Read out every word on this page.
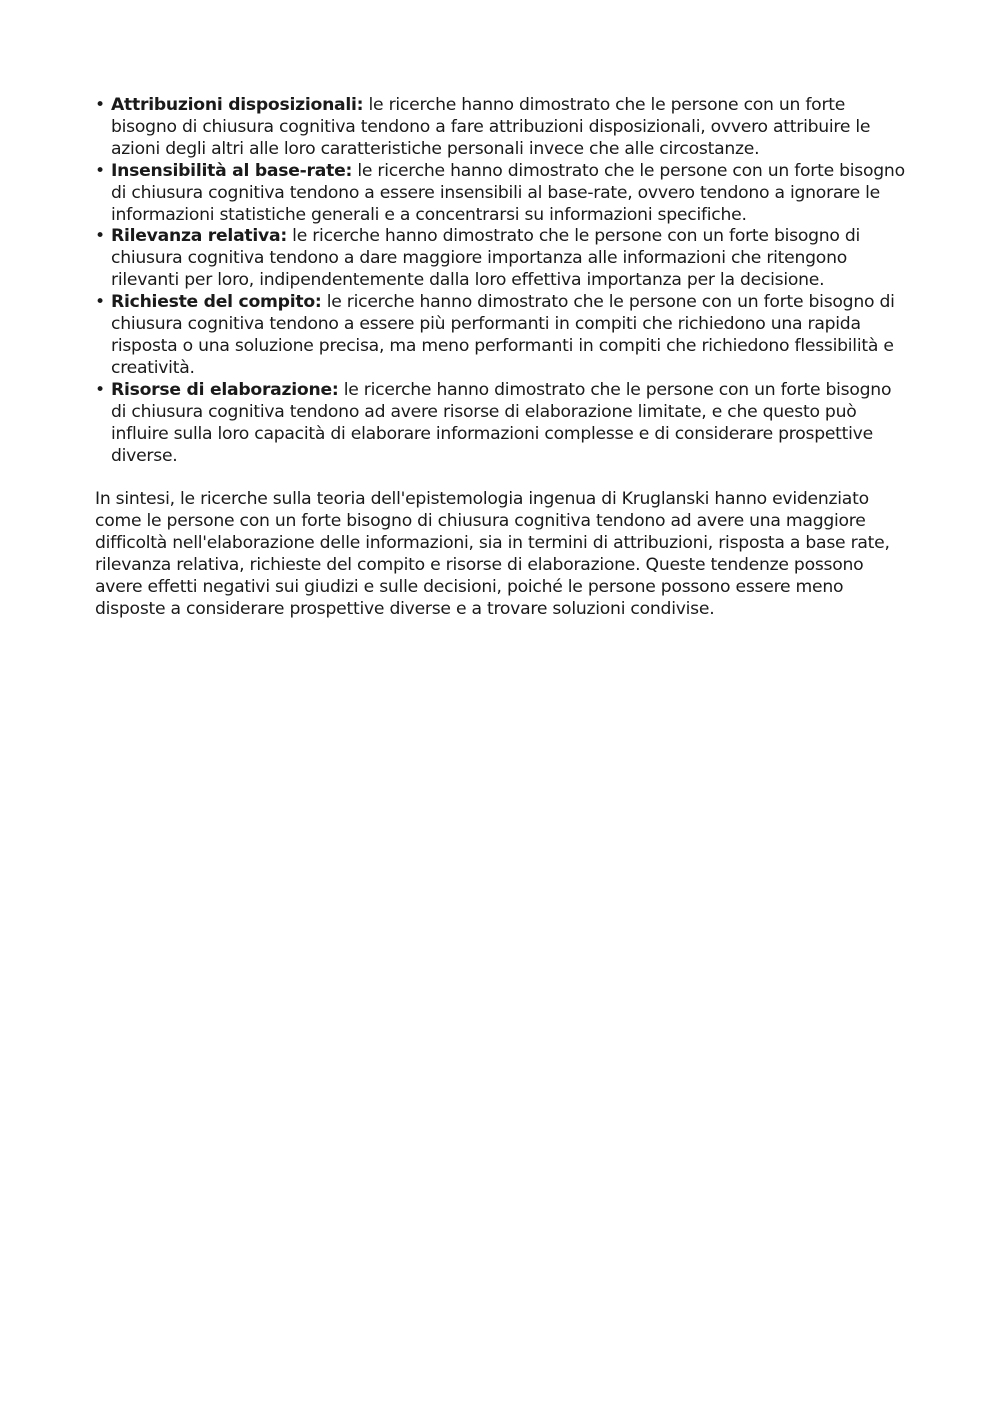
• Attribuzioni disposizionali: le ricerche hanno dimostrato che le persone con un forte bisogno di chiusura cognitiva tendono a fare attribuzioni disposizionali, ovvero attribuire le azioni degli altri alle loro caratteristiche personali invece che alle circostanze.
• Insensibilità al base-rate: le ricerche hanno dimostrato che le persone con un forte bisogno di chiusura cognitiva tendono a essere insensibili al base-rate, ovvero tendono a ignorare le informazioni statistiche generali e a concentrarsi su informazioni specifiche.
• Rilevanza relativa: le ricerche hanno dimostrato che le persone con un forte bisogno di chiusura cognitiva tendono a dare maggiore importanza alle informazioni che ritengono rilevanti per loro, indipendentemente dalla loro effettiva importanza per la decisione.
• Richieste del compito: le ricerche hanno dimostrato che le persone con un forte bisogno di chiusura cognitiva tendono a essere più performanti in compiti che richiedono una rapida risposta o una soluzione precisa, ma meno performanti in compiti che richiedono flessibilità e creatività.
• Risorse di elaborazione: le ricerche hanno dimostrato che le persone con un forte bisogno di chiusura cognitiva tendono ad avere risorse di elaborazione limitate, e che questo può influire sulla loro capacità di elaborare informazioni complesse e di considerare prospettive diverse.

In sintesi, le ricerche sulla teoria dell'epistemologia ingenua di Kruglanski hanno evidenziato come le persone con un forte bisogno di chiusura cognitiva tendono ad avere una maggiore difficoltà nell'elaborazione delle informazioni, sia in termini di attribuzioni, risposta a base rate, rilevanza relativa, richieste del compito e risorse di elaborazione. Queste tendenze possono avere effetti negativi sui giudizi e sulle decisioni, poiché le persone possono essere meno disposte a considerare prospettive diverse e a trovare soluzioni condivise.
